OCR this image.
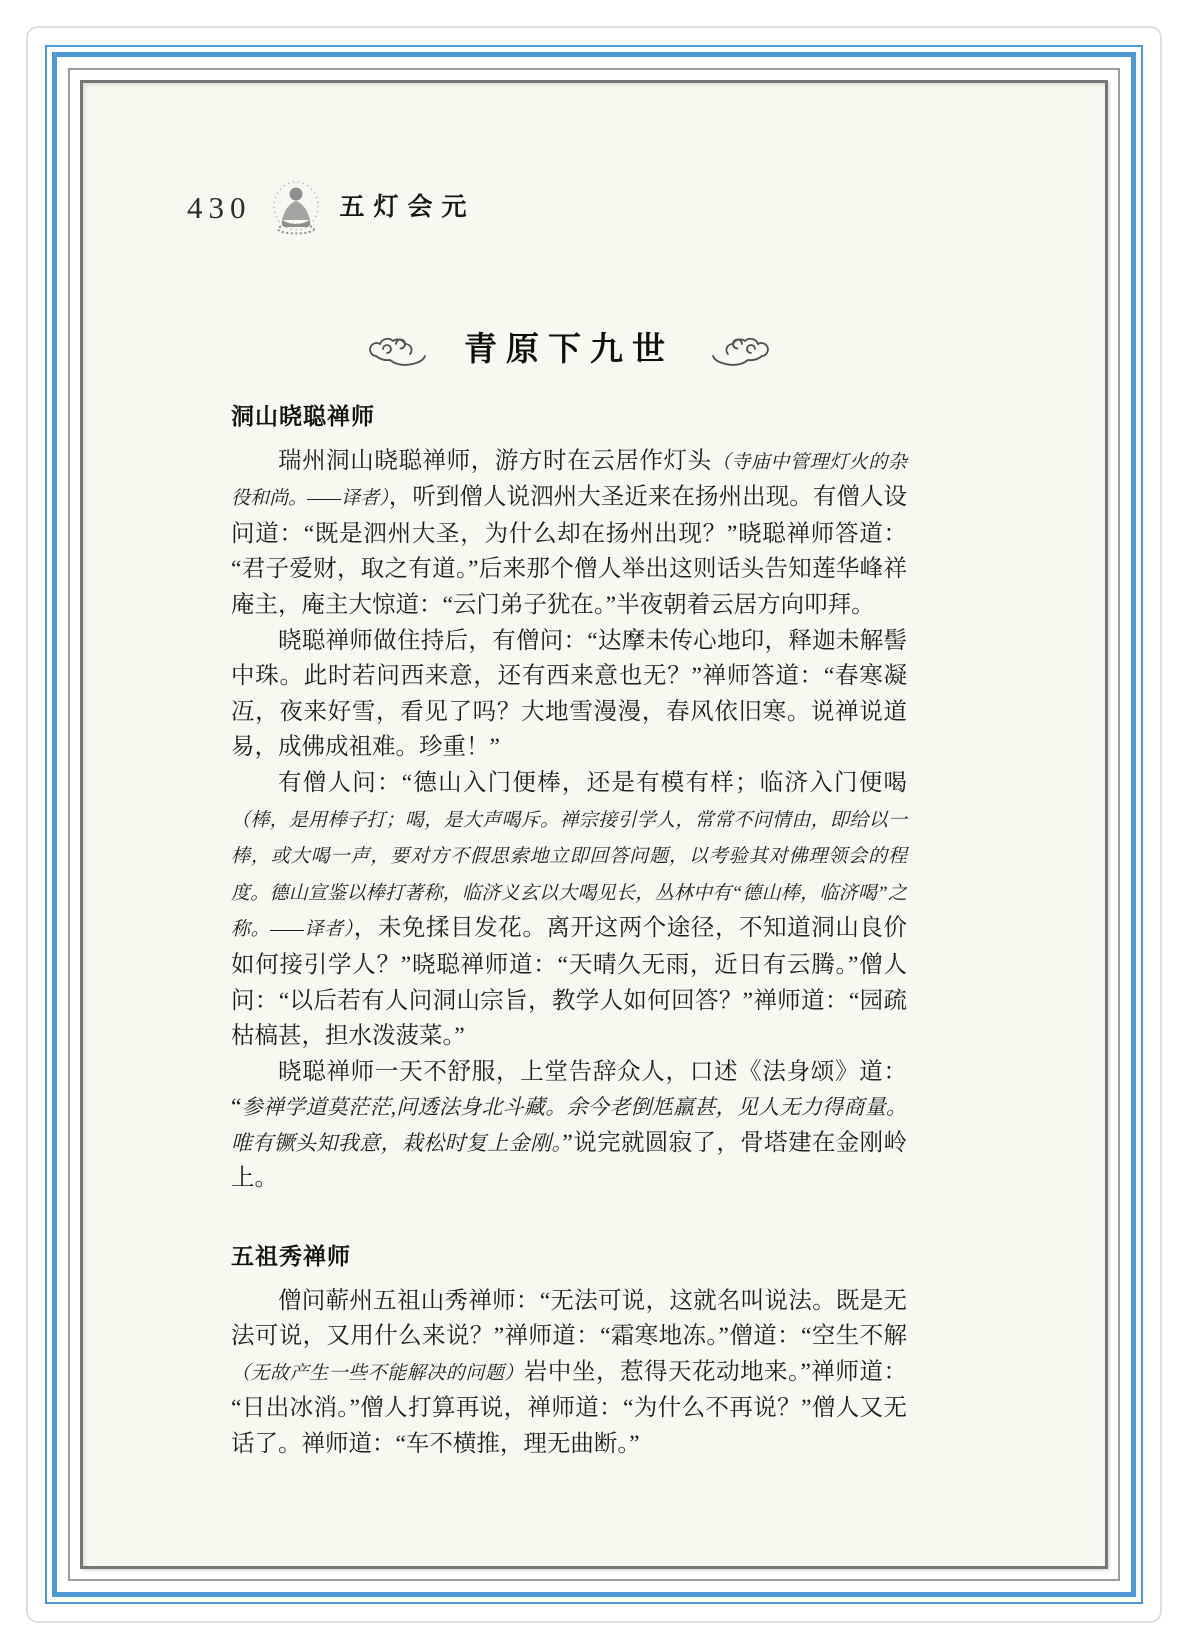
430	五灯会元
青原下九世
洞山晓聪禅师

瑞州洞山晓聪禅师，游方时在云居作灯头（寺庙中管理灯火的杂役和尚。——译者），听到僧人说泗州大圣近来在扬州出现。有僧人设问道：“既是泗州大圣，为什么却在扬州出现？”晓聪禅师答道：“君子爱财，取之有道。”后来那个僧人举出这则话头告知莲华峰祥庵主，庵主大惊道：“云门弟子犹在。”半夜朝着云居方向叩拜。

晓聪禅师做住持后，有僧问：“达摩未传心地印，释迦未解髻中珠。此时若问西来意，还有西来意也无？”禅师答道：“春寒凝冱，夜来好雪，看见了吗？大地雪漫漫，春风依旧寒。说禅说道易，成佛成祖难。珍重！”

有僧人问：“德山入门便棒，还是有模有样；临济入门便喝（棒，是用棒子打；喝，是大声喝斥。禅宗接引学人，常常不问情由，即给以一棒，或大喝一声，要对方不假思索地立即回答问题，以考验其对佛理领会的程度。德山宣鉴以棒打著称，临济义玄以大喝见长，丛林中有“德山棒，临济喝”之称。——译者），未免揉目发花。离开这两个途径，不知道洞山良价如何接引学人？”晓聪禅师道：“天晴久无雨，近日有云腾。”僧人问：“以后若有人问洞山宗旨，教学人如何回答？”禅师道：“园疏枯槁甚，担水泼菠菜。”

晓聪禅师一天不舒服，上堂告辞众人，口述《法身颂》道：“参禅学道莫茫茫,问透法身北斗藏。余今老倒尪羸甚，见人无力得商量。唯有镢头知我意，栽松时复上金刚。”说完就圆寂了，骨塔建在金刚岭上。

五祖秀禅师

僧问蕲州五祖山秀禅师：“无法可说，这就名叫说法。既是无法可说，又用什么来说？”禅师道：“霜寒地冻。”僧道：“空生不解（无故产生一些不能解决的问题）岩中坐，惹得天花动地来。”禅师道：“日出冰消。”僧人打算再说，禅师道：“为什么不再说？”僧人又无话了。禅师道：“车不横推，理无曲断。”
